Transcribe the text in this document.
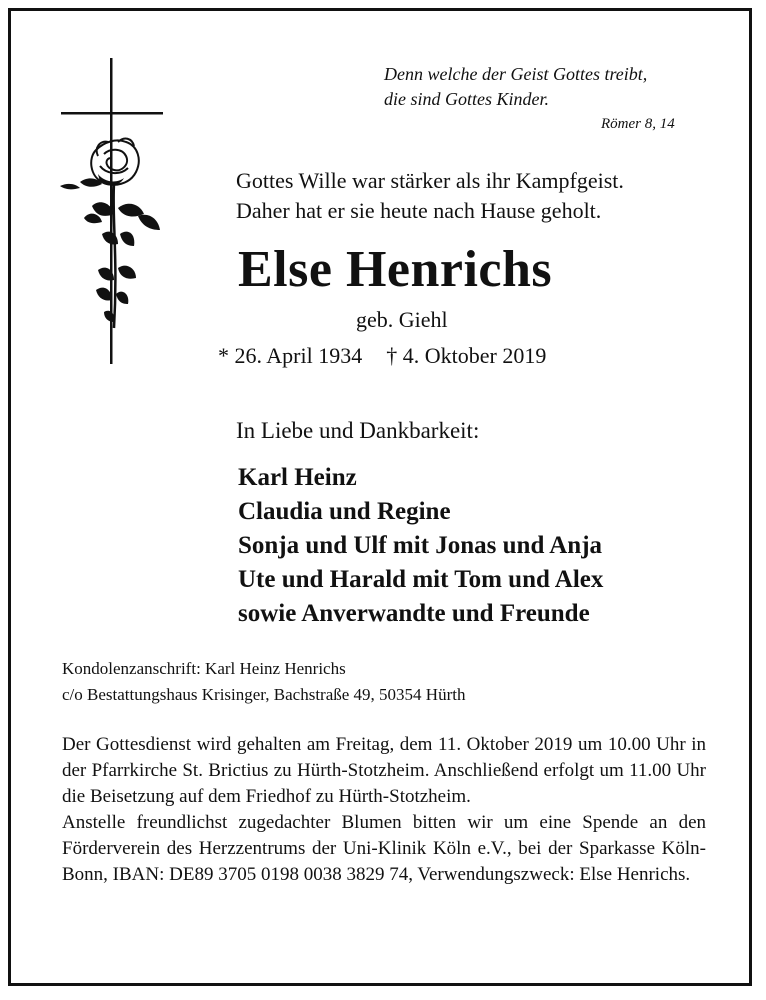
Denn welche der Geist Gottes treibt,
die sind Gottes Kinder.
Römer 8, 14
Gottes Wille war stärker als ihr Kampfgeist.
Daher hat er sie heute nach Hause geholt.
Else Henrichs
geb. Giehl
* 26. April 1934 † 4. Oktober 2019
In Liebe und Dankbarkeit:
Karl Heinz
Claudia und Regine
Sonja und Ulf mit Jonas und Anja
Ute und Harald mit Tom und Alex
sowie Anverwandte und Freunde
Kondolenzanschrift: Karl Heinz Henrichs
c/o Bestattungshaus Krisinger, Bachstraße 49, 50354 Hürth

Der Gottesdienst wird gehalten am Freitag, dem 11. Oktober 2019 um 10.00 Uhr in der Pfarrkirche St. Brictius zu Hürth-Stotzheim. Anschließend erfolgt um 11.00 Uhr die Beisetzung auf dem Friedhof zu Hürth-Stotzheim.

Anstelle freundlichst zugedachter Blumen bitten wir um eine Spende an den Förderverein des Herzzentrums der Uni-Klinik Köln e.V., bei der Sparkasse Köln-Bonn, IBAN: DE89 3705 0198 0038 3829 74, Verwendungszweck: Else Henrichs.
